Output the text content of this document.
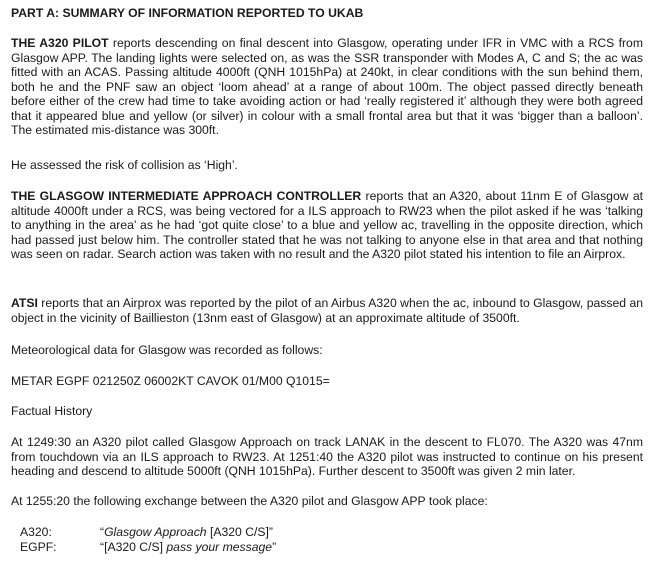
PART A: SUMMARY OF INFORMATION REPORTED TO UKAB

THE A320 PILOT reports descending on final descent into Glasgow, operating under IFR in VMC with a RCS from Glasgow APP. The landing lights were selected on, as was the SSR transponder with Modes A, C and S; the ac was fitted with an ACAS. Passing altitude 4000ft (QNH 1015hPa) at 240kt, in clear conditions with the sun behind them, both he and the PNF saw an object ‘loom ahead’ at a range of about 100m. The object passed directly beneath before either of the crew had time to take avoiding action or had ‘really registered it’ although they were both agreed that it appeared blue and yellow (or silver) in colour with a small frontal area but that it was ‘bigger than a balloon’. The estimated mis-distance was 300ft.

He assessed the risk of collision as ‘High’.

THE GLASGOW INTERMEDIATE APPROACH CONTROLLER reports that an A320, about 11nm E of Glasgow at altitude 4000ft under a RCS, was being vectored for a ILS approach to RW23 when the pilot asked if he was ‘talking to anything in the area’ as he had ‘got quite close’ to a blue and yellow ac, travelling in the opposite direction, which had passed just below him. The controller stated that he was not talking to anyone else in that area and that nothing was seen on radar. Search action was taken with no result and the A320 pilot stated his intention to file an Airprox.

ATSI reports that an Airprox was reported by the pilot of an Airbus A320 when the ac, inbound to Glasgow, passed an object in the vicinity of Baillieston (13nm east of Glasgow) at an approximate altitude of 3500ft.

Meteorological data for Glasgow was recorded as follows:

METAR EGPF 021250Z 06002KT CAVOK 01/M00 Q1015=

Factual History

At 1249:30 an A320 pilot called Glasgow Approach on track LANAK in the descent to FL070. The A320 was 47nm from touchdown via an ILS approach to RW23. At 1251:40 the A320 pilot was instructed to continue on his present heading and descend to altitude 5000ft (QNH 1015hPa). Further descent to 3500ft was given 2 min later.

At 1255:20 the following exchange between the A320 pilot and Glasgow APP took place:

A320:	“Glasgow Approach [A320 C/S]”
EGPF:	“[A320 C/S] pass your message”
